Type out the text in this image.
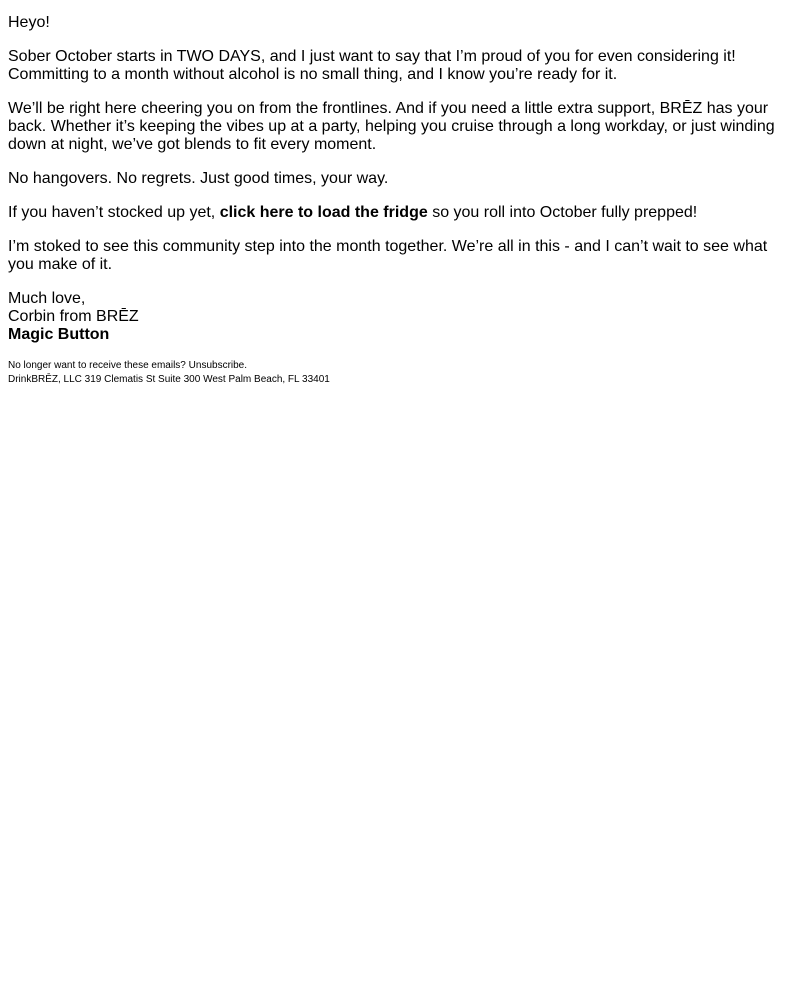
Heyo!

Sober October starts in TWO DAYS, and I just want to say that I’m proud of you for even considering it! Committing to a month without alcohol is no small thing, and I know you’re ready for it.

We’ll be right here cheering you on from the frontlines. And if you need a little extra support, BRĒZ has your back. Whether it’s keeping the vibes up at a party, helping you cruise through a long workday, or just winding down at night, we’ve got blends to fit every moment.

No hangovers. No regrets. Just good times, your way.

If you haven’t stocked up yet, click here to load the fridge so you roll into October fully prepped!

I’m stoked to see this community step into the month together. We’re all in this - and I can’t wait to see what you make of it.

Much love,
Corbin from BRĒZ
Magic Button

No longer want to receive these emails? Unsubscribe.
DrinkBRĒZ, LLC 319 Clematis St Suite 300 West Palm Beach, FL 33401
